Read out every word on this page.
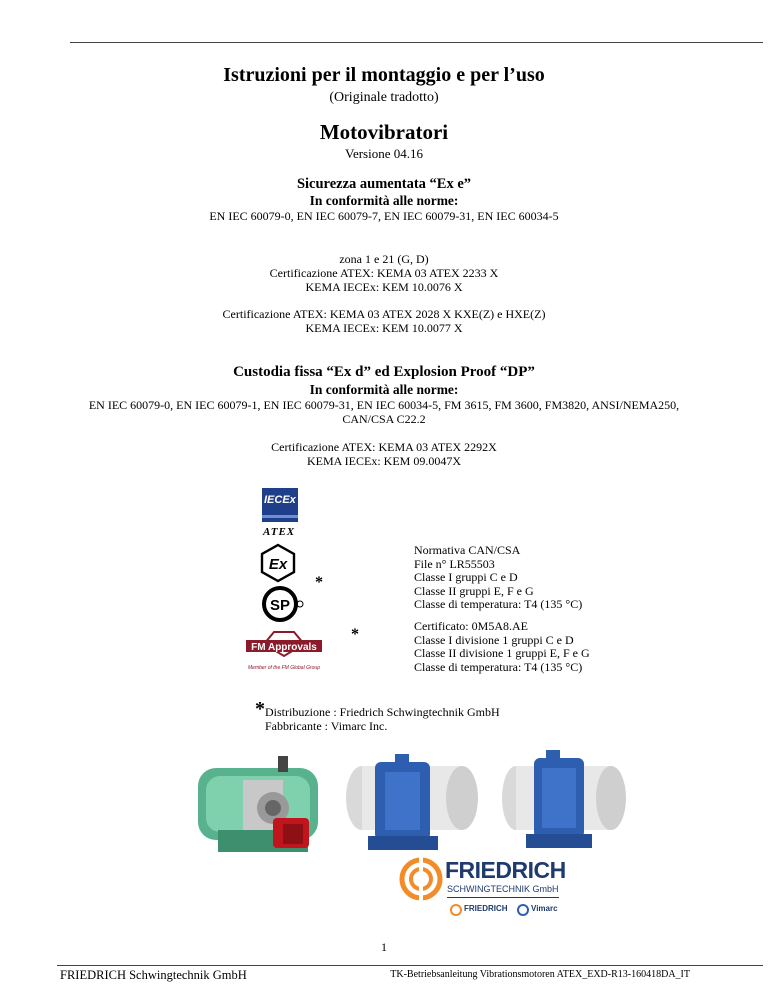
Istruzioni per il montaggio e per l’uso
(Originale tradotto)
Motovibratori
Versione 04.16
Sicurezza aumentata “Ex e”
In conformità alle norme:
EN IEC 60079-0, EN IEC 60079-7, EN IEC 60079-31, EN IEC 60034-5
zona 1 e 21 (G, D)
Certificazione ATEX: KEMA 03 ATEX 2233 X
KEMA IECEx: KEM 10.0076 X
Certificazione ATEX: KEMA 03 ATEX 2028 X KXE(Z) e HXE(Z)
KEMA IECEx: KEM 10.0077 X
Custodia fissa “Ex d” ed Explosion Proof “DP”
In conformità alle norme:
EN IEC 60079-0, EN IEC 60079-1, EN IEC 60079-31, EN IEC 60034-5, FM 3615, FM 3600, FM3820, ANSI/NEMA250,
CAN/CSA C22.2
Certificazione ATEX: KEMA 03 ATEX 2292X
KEMA IECEx: KEM 09.0047X
IECEx
ATEX
Ex
*
SP
Normativa CAN/CSA
File n° LR55503
Classe I gruppi C e D
Classe II gruppi E, F e G
Classe di temperatura: T4 (135 °C)
*
FM Approvals
Member of the FM Global Group
Certificato: 0M5A8.AE
Classe I divisione 1 gruppi C e D
Classe II divisione 1 gruppi E, F e G
Classe di temperatura: T4 (135 °C)
* Distribuzione : Friedrich Schwingtechnik GmbH
Fabbricante : Vimarc Inc.
FRIEDRICH
SCHWINGTECHNIK GmbH
FRIEDRICH	Vimarc
1
FRIEDRICH Schwingtechnik GmbH	TK-Betriebsanleitung Vibrationsmotoren ATEX_EXD-R13-160418DA_IT
